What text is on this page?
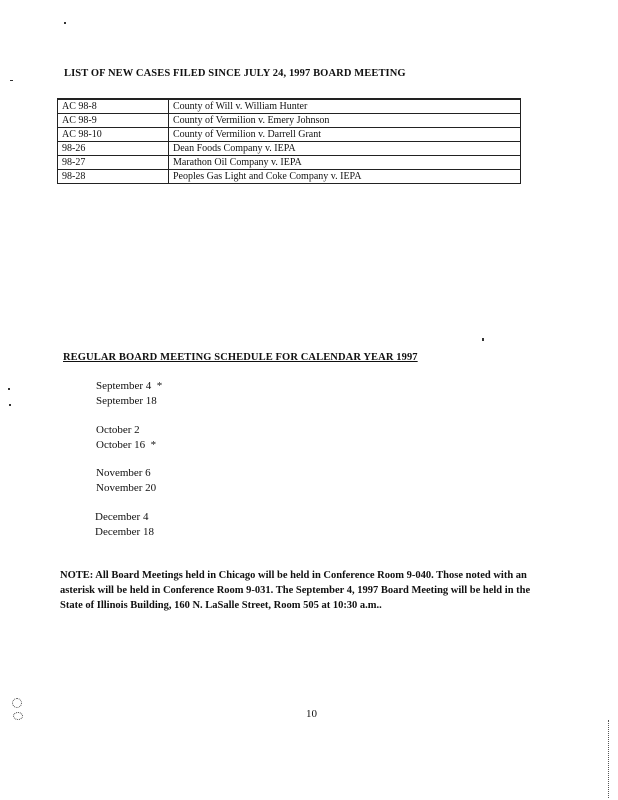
LIST OF NEW CASES FILED SINCE JULY 24, 1997 BOARD MEETING
AC 98-8	County of Will v. William Hunter
AC 98-9	County of Vermilion v. Emery Johnson
AC 98-10	County of Vermilion v. Darrell Grant
98-26	Dean Foods Company v. IEPA
98-27	Marathon Oil Company v. IEPA
98-28	Peoples Gas Light and Coke Company v. IEPA
REGULAR BOARD MEETING SCHEDULE FOR CALENDAR YEAR 1997
September 4  *
September 18
October 2
October 16  *
November 6
November 20
December 4
December 18
NOTE: All Board Meetings held in Chicago will be held in Conference Room 9-040. Those noted with an asterisk will be held in Conference Room 9-031. The September 4, 1997 Board Meeting will be held in the State of Illinois Building, 160 N. LaSalle Street, Room 505 at 10:30 a.m..
10
